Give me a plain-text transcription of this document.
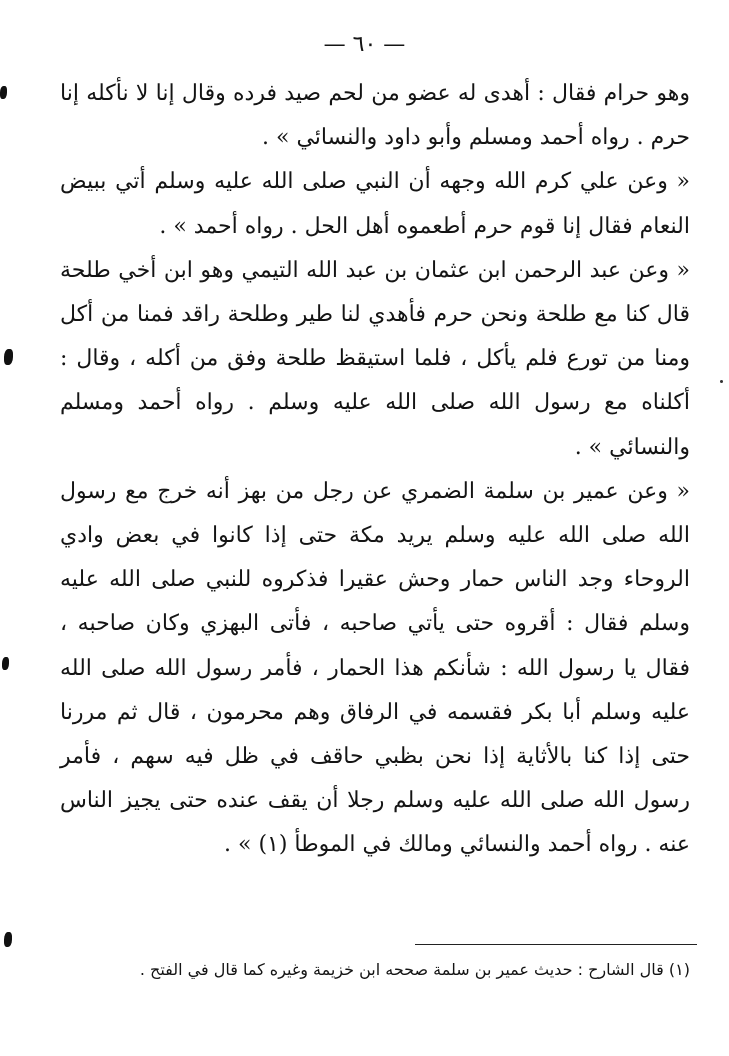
— ٦٠ —

وهو حرام فقال : أهدى له عضو من لحم صيد فرده وقال إنا لا نأكله إنا حرم . رواه أحمد ومسلم وأبو داود والنسائي » .

« وعن علي كرم الله وجهه أن النبي صلى الله عليه وسلم أتي ببيض النعام فقال إنا قوم حرم أطعموه أهل الحل . رواه أحمد » .

« وعن عبد الرحمن ابن عثمان بن عبد الله التيمي وهو ابن أخي طلحة قال كنا مع طلحة ونحن حرم فأهدي لنا طير وطلحة راقد فمنا من أكل ومنا من تورع فلم يأكل ، فلما استيقظ طلحة وفق من أكله ، وقال : أكلناه مع رسول الله صلى الله عليه وسلم . رواه أحمد ومسلم والنسائي » .

« وعن عمير بن سلمة الضمري عن رجل من بهز أنه خرج مع رسول الله صلى الله عليه وسلم يريد مكة حتى إذا كانوا في بعض وادي الروحاء وجد الناس حمار وحش عقيرا فذكروه للنبي صلى الله عليه وسلم فقال : أقروه حتى يأتي صاحبه ، فأتى البهزي وكان صاحبه ، فقال يا رسول الله : شأنكم هذا الحمار ، فأمر رسول الله صلى الله عليه وسلم أبا بكر فقسمه في الرفاق وهم محرمون ، قال ثم مررنا حتى إذا كنا بالأثاية إذا نحن بظبي حاقف في ظل فيه سهم ، فأمر رسول الله صلى الله عليه وسلم رجلا أن يقف عنده حتى يجيز الناس عنه . رواه أحمد والنسائي ومالك في الموطأ (١) » .

(١) قال الشارح : حديث عمير بن سلمة صححه ابن خزيمة وغيره كما قال في الفتح .
